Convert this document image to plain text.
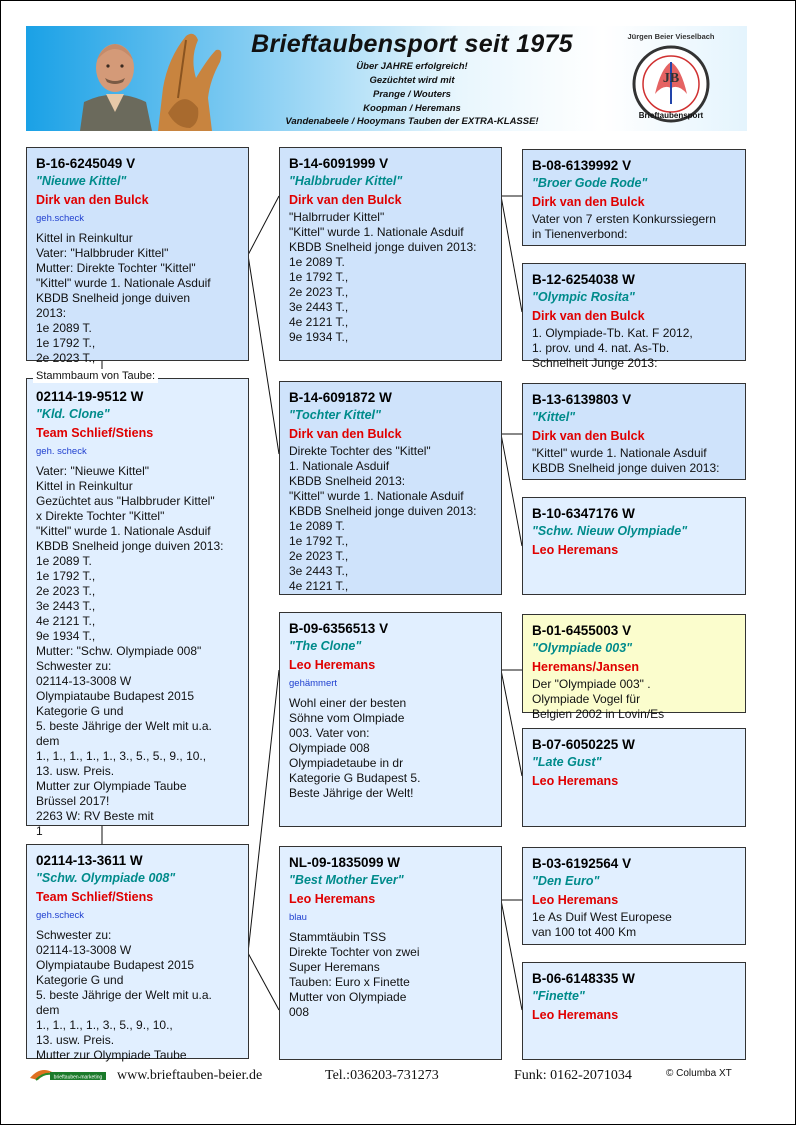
Brieftaubensport seit 1975
Über JAHRE erfolgreich!
Gezüchtet wird mit
Prange / Wouters
Koopman / Heremans
Vandenabeele / Hooymans Tauben der EXTRA-KLASSE!
Jürgen Beier Vieselbach
JB
Brieftaubensport
B-16-6245049 V
"Nieuwe Kittel"
Dirk van den Bulck
geh.scheck
Kittel in Reinkultur
Vater: "Halbbruder Kittel"
Mutter: Direkte Tochter "Kittel"
"Kittel" wurde 1. Nationale Asduif
KBDB Snelheid jonge duiven
2013:
1e 2089 T.
1e 1792 T.,
2e 2023 T.,
02114-19-9512 W
"Kld. Clone"
Team Schlief/Stiens
geh. scheck
Vater: "Nieuwe Kittel"
Kittel in Reinkultur
Gezüchtet aus "Halbbruder Kittel"
x Direkte Tochter "Kittel"
"Kittel" wurde 1. Nationale Asduif
KBDB Snelheid jonge duiven 2013:
1e 2089 T.
1e 1792 T.,
2e 2023 T.,
3e 2443 T.,
4e 2121 T.,
9e 1934 T.,
Mutter: "Schw. Olympiade 008"
Schwester zu:
02114-13-3008 W
Olympiataube Budapest 2015
Kategorie G und
5. beste Jährige der Welt mit u.a.
dem
1., 1., 1., 1., 1., 3., 5., 5., 9., 10.,
13. usw. Preis.
Mutter zur Olympiade Taube
Brüssel 2017!
2263 W: RV Beste mit
1

Stammbaum von Taube:
02114-13-3611 W
"Schw. Olympiade 008"
Team Schlief/Stiens
geh.scheck
Schwester zu:
02114-13-3008 W
Olympiataube Budapest 2015
Kategorie G und
5. beste Jährige der Welt mit u.a.
dem
1., 1., 1., 1., 3., 5., 9., 10.,
13. usw. Preis.
Mutter zur Olympiade Taube
B-14-6091999 V
"Halbbruder Kittel"
Dirk van den Bulck
"Halbrruder Kittel"
"Kittel" wurde 1. Nationale Asduif
KBDB Snelheid jonge duiven 2013:
1e 2089 T.
1e 1792 T.,
2e 2023 T.,
3e 2443 T.,
4e 2121 T.,
9e 1934 T.,
B-14-6091872 W
"Tochter Kittel"
Dirk van den Bulck
Direkte Tochter des "Kittel"
1. Nationale Asduif
KBDB Snelheid 2013:
"Kittel" wurde 1. Nationale Asduif
KBDB Snelheid jonge duiven 2013:
1e 2089 T.
1e 1792 T.,
2e 2023 T.,
3e 2443 T.,
4e 2121 T.,
B-09-6356513 V
"The Clone"
Leo Heremans
gehämmert
Wohl einer der besten
Söhne vom Olmpiade
003. Vater von:
Olympiade 008
Olympiadetaube in dr
Kategorie G Budapest 5.
Beste Jährige der Welt!
NL-09-1835099 W
"Best Mother Ever"
Leo Heremans
blau
Stammtäubin TSS
Direkte Tochter von zwei
Super Heremans
Tauben: Euro x Finette
Mutter von Olympiade
008
B-08-6139992 V
"Broer Gode Rode"
Dirk van den Bulck
Vater von 7 ersten Konkurssiegern
in Tienenverbond:

B-12-6254038 W
"Olympic Rosita"
Dirk van den Bulck
1. Olympiade-Tb. Kat. F 2012,
1. prov. und 4. nat. As-Tb.
Schnelheit Junge 2013:
B-13-6139803 V
"Kittel"
Dirk van den Bulck
"Kittel" wurde 1. Nationale Asduif
KBDB Snelheid jonge duiven 2013:

B-10-6347176 W
"Schw. Nieuw Olympiade"
Leo Heremans
B-01-6455003 V
"Olympiade 003"
Heremans/Jansen
Der "Olympiade 003" .
Olympiade Vogel für
Belgien 2002 in Lovin/Es
B-07-6050225 W
"Late Gust"
Leo Heremans
B-03-6192564 V
"Den Euro"
Leo Heremans
1e As Duif West Europese
van 100 tot 400 Km

B-06-6148335 W
"Finette"
Leo Heremans
brieftauben-marketing www.brieftauben-beier.de	Tel.:036203-731273	Funk: 0162-2071034	© Columba XT
